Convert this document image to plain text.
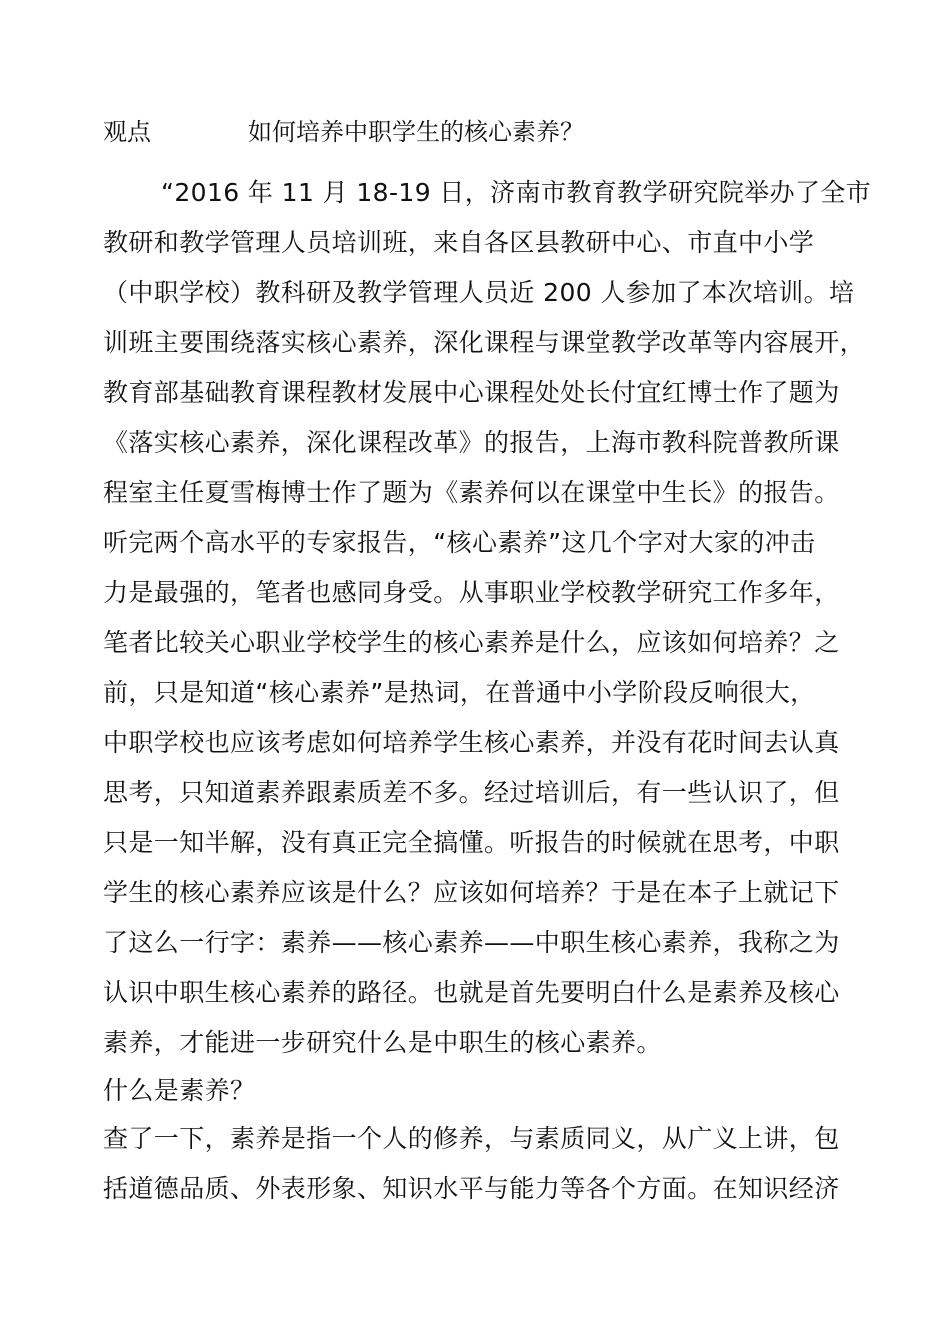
观点	如何培养中职学生的核心素养？
“2016 年 11 月 18-19 日，济南市教育教学研究院举办了全市
教研和教学管理人员培训班，来自各区县教研中心、市直中小学
（中职学校）教科研及教学管理人员近 200 人参加了本次培训。培
训班主要围绕落实核心素养，深化课程与课堂教学改革等内容展开，
教育部基础教育课程教材发展中心课程处处长付宜红博士作了题为
《落实核心素养，深化课程改革》的报告，上海市教科院普教所课
程室主任夏雪梅博士作了题为《素养何以在课堂中生长》的报告。
听完两个高水平的专家报告，“核心素养”这几个字对大家的冲击
力是最强的，笔者也感同身受。从事职业学校教学研究工作多年，
笔者比较关心职业学校学生的核心素养是什么，应该如何培养？之
前，只是知道“核心素养”是热词，在普通中小学阶段反响很大，
中职学校也应该考虑如何培养学生核心素养，并没有花时间去认真
思考，只知道素养跟素质差不多。经过培训后，有一些认识了，但
只是一知半解，没有真正完全搞懂。听报告的时候就在思考，中职
学生的核心素养应该是什么？应该如何培养？于是在本子上就记下
了这么一行字：素养——核心素养——中职生核心素养，我称之为
认识中职生核心素养的路径。也就是首先要明白什么是素养及核心
素养，才能进一步研究什么是中职生的核心素养。
什么是素养？
查了一下，素养是指一个人的修养，与素质同义，从广义上讲，包
括道德品质、外表形象、知识水平与能力等各个方面。在知识经济
